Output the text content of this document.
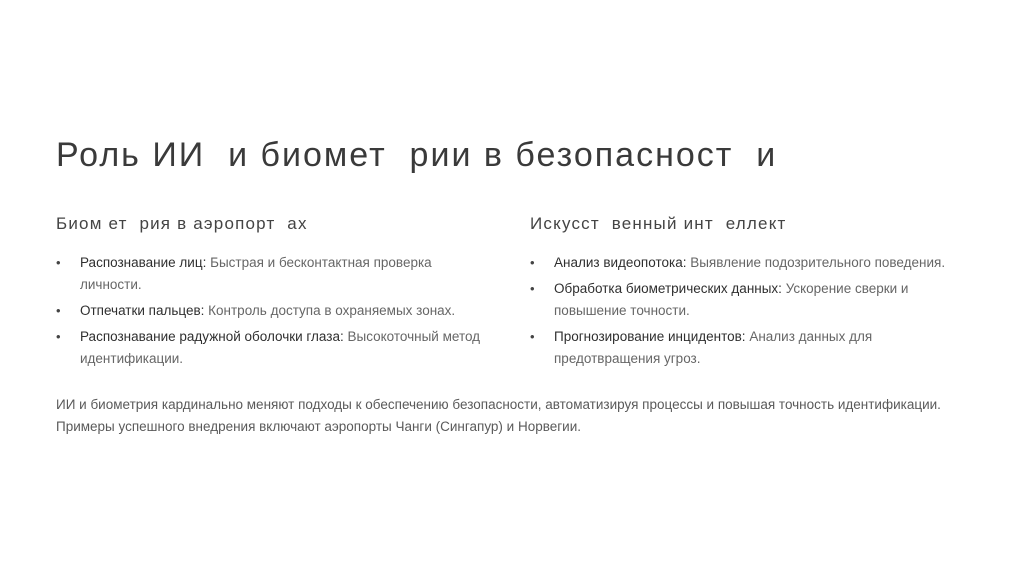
Роль ИИ  и биомет  рии в безопасност  и
Биом ет  рия в аэропорт  ах
• Распознавание лиц: Быстрая и бесконтактная проверка личности.
• Отпечатки пальцев: Контроль доступа в охраняемых зонах.
• Распознавание радужной оболочки глаза: Высокоточный метод идентификации.
Искусст  венный инт  еллект
• Анализ видеопотока: Выявление подозрительного поведения.
• Обработка биометрических данных: Ускорение сверки и повышение точности.
• Прогнозирование инцидентов: Анализ данных для предотвращения угроз.

ИИ и биометрия кардинально меняют подходы к обеспечению безопасности, автоматизируя процессы и повышая точность идентификации.

Примеры успешного внедрения включают аэропорты Чанги (Сингапур) и Норвегии.
